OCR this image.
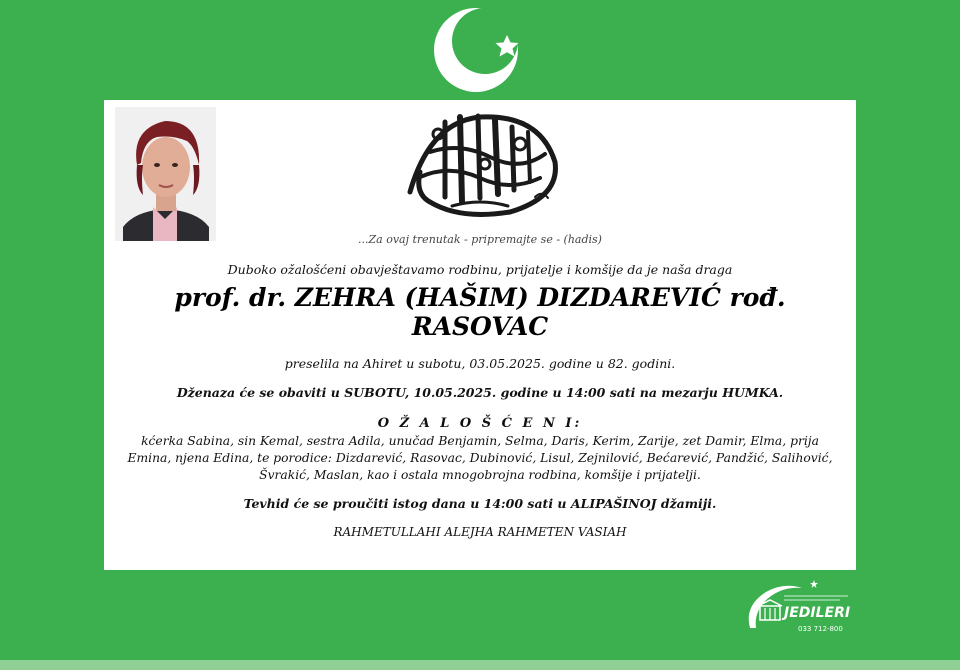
...Za ovaj trenutak - pripremajte se - (hadis)
Duboko ožalošćeni obavještavamo rodbinu, prijatelje i komšije da je naša draga
prof. dr. ZEHRA (HAŠIM) DIZDAREVIĆ rođ. RASOVAC
preselila na Ahiret u subotu, 03.05.2025. godine u 82. godini.
Dženaza će se obaviti u SUBOTU, 10.05.2025. godine u 14:00 sati na mezarju HUMKA.
O Ž A L O Š Ć E N I:
kćerka Sabina, sin Kemal, sestra Adila, unučad Benjamin, Selma, Daris, Kerim, Zarije, zet Damir, Elma, prija Emina, njena Edina, te porodice: Dizdarević, Rasovac, Dubinović, Lisul, Zejnilović, Bećarević, Pandžić, Salihović, Švrakić, Maslan, kao i ostala mnogobrojna rodbina, komšije i prijatelji.
Tevhid će se proučiti istog dana u 14:00 sati u ALIPAŠINOJ džamiji.
RAHMETULLAHI ALEJHA RAHMETEN VASIAH
JEDILERI
033 712-800
